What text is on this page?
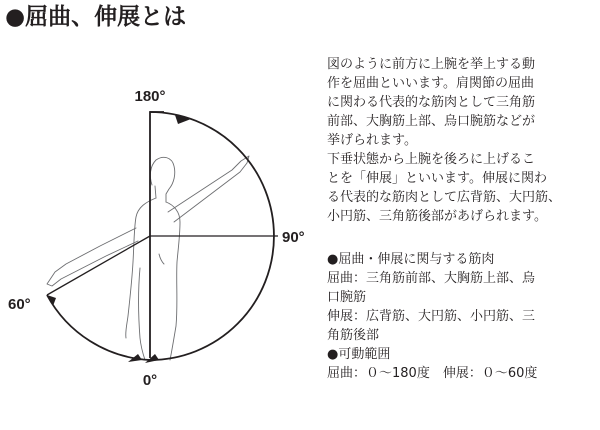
●屈曲、伸展とは
180°
90°
60°
0°

図のように前方に上腕を挙上する動

作を屈曲といいます。肩関節の屈曲

に関わる代表的な筋肉として三角筋

前部、大胸筋上部、烏口腕筋などが

挙げられます。

下垂状態から上腕を後ろに上げるこ

とを「伸展」といいます。伸展に関わ

る代表的な筋肉として広背筋、大円筋、

小円筋、三角筋後部があげられます。

●屈曲・伸展に関与する筋肉

屈曲：三角筋前部、大胸筋上部、烏

口腕筋

伸展：広背筋、大円筋、小円筋、三

角筋後部

●可動範囲

屈曲：０～180度　伸展：０～60度
